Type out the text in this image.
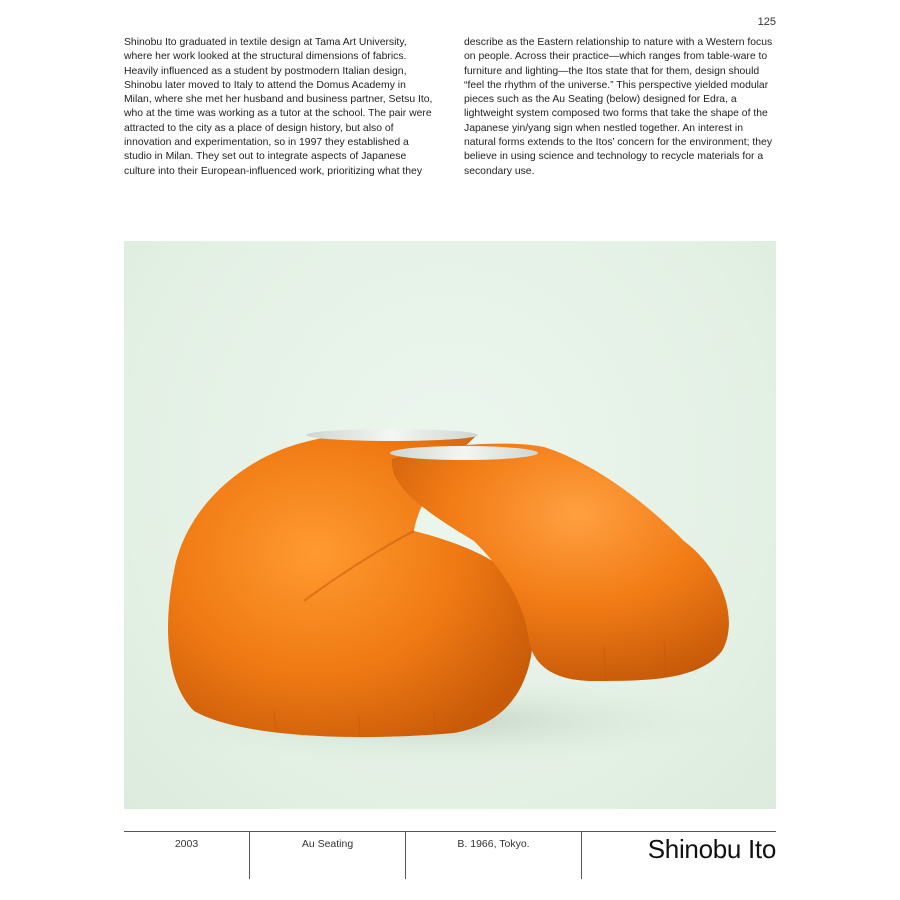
125
Shinobu Ito graduated in textile design at Tama Art University, where her work looked at the structural dimensions of fabrics. Heavily influenced as a student by postmodern Italian design, Shinobu later moved to Italy to attend the Domus Academy in Milan, where she met her husband and business partner, Setsu Ito, who at the time was working as a tutor at the school. The pair were attracted to the city as a place of design history, but also of innovation and experimentation, so in 1997 they established a studio in Milan. They set out to integrate aspects of Japanese culture into their European-influenced work, prioritizing what they
describe as the Eastern relationship to nature with a Western focus on people. Across their practice—which ranges from table-ware to furniture and lighting—the Itos state that for them, design should “feel the rhythm of the universe.” This perspective yielded modular pieces such as the Au Seating (below) designed for Edra, a lightweight system composed two forms that take the shape of the Japanese yin/yang sign when nestled together. An interest in natural forms extends to the Itos’ concern for the environment; they believe in using science and technology to recycle materials for a secondary use.
2003	Au Seating	B. 1966, Tokyo.	Shinobu Ito
